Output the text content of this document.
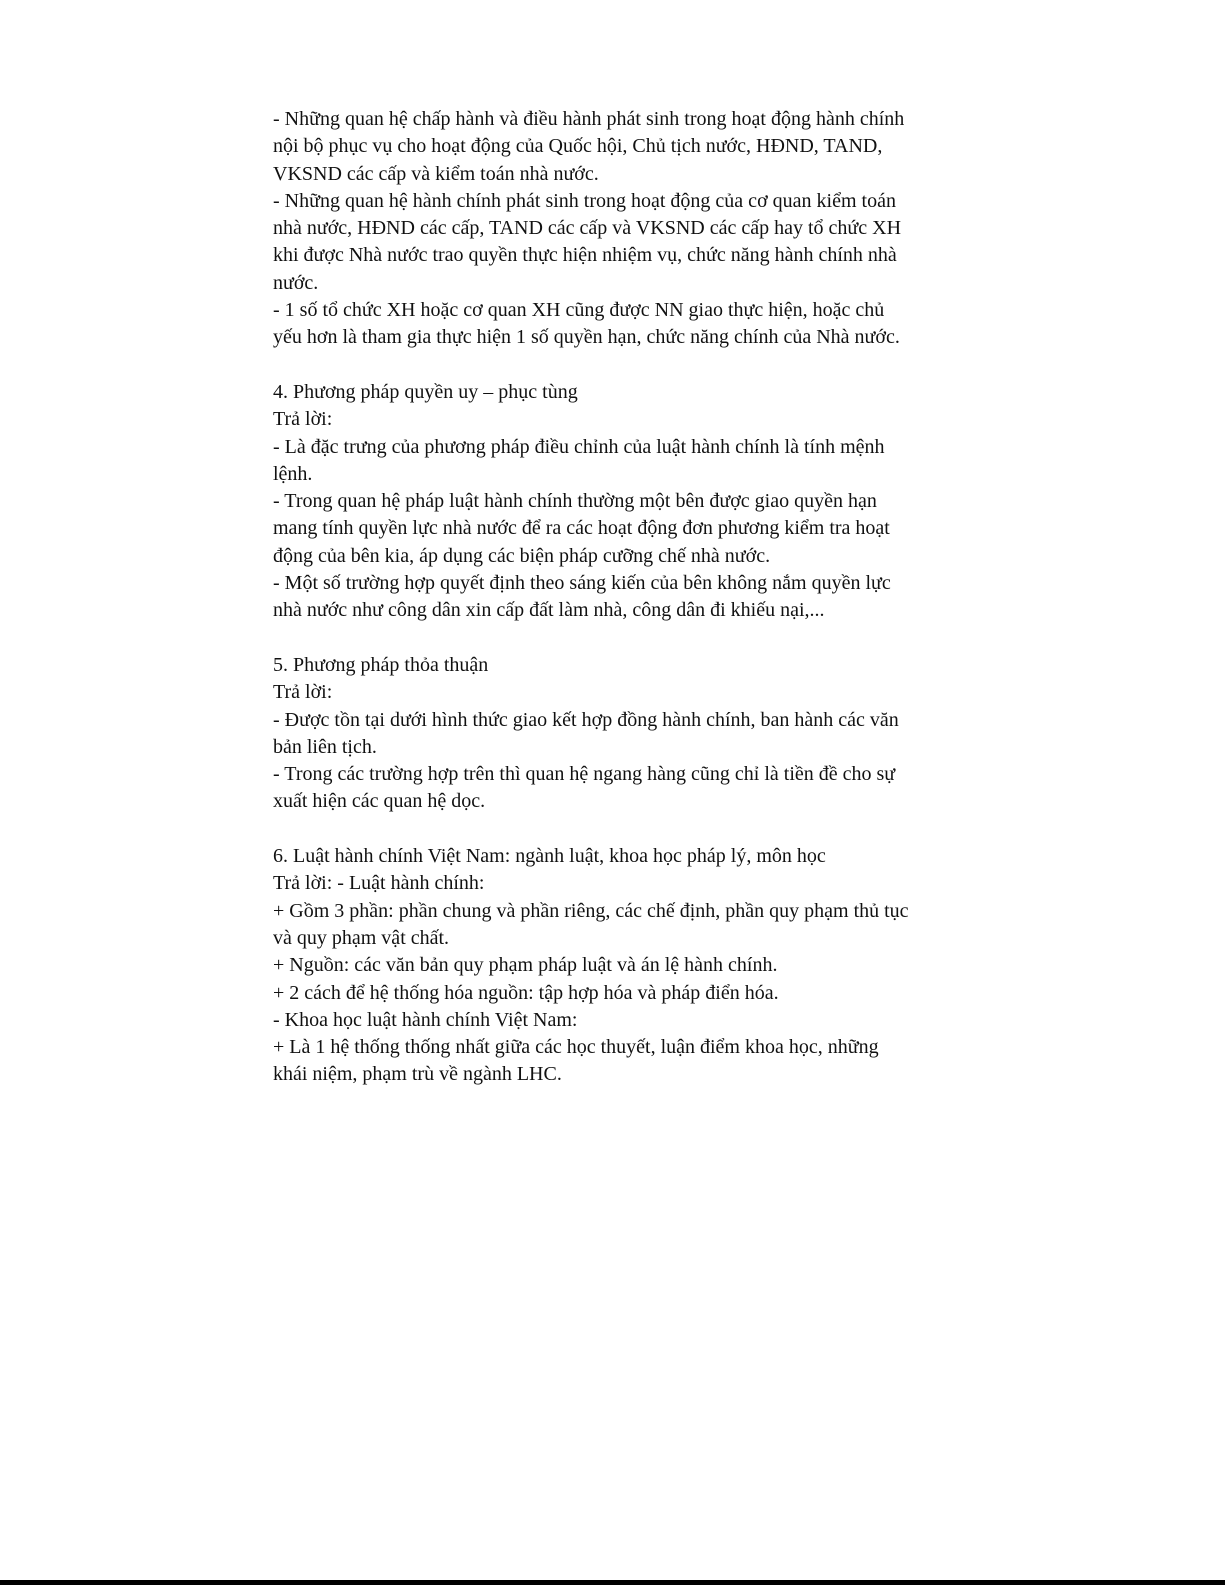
- Những quan hệ chấp hành và điều hành phát sinh trong hoạt động hành chính
nội bộ phục vụ cho hoạt động của Quốc hội, Chủ tịch nước, HĐND, TAND,
VKSND các cấp và kiểm toán nhà nước.
- Những quan hệ hành chính phát sinh trong hoạt động của cơ quan kiểm toán
nhà nước, HĐND các cấp, TAND các cấp và VKSND các cấp hay tổ chức XH
khi được Nhà nước trao quyền thực hiện nhiệm vụ, chức năng hành chính nhà
nước.
- 1 số tổ chức XH hoặc cơ quan XH cũng được NN giao thực hiện, hoặc chủ
yếu hơn là tham gia thực hiện 1 số quyền hạn, chức năng chính của Nhà nước.
4. Phương pháp quyền uy – phục tùng
Trả lời:
- Là đặc trưng của phương pháp điều chỉnh của luật hành chính là tính mệnh
lệnh.
- Trong quan hệ pháp luật hành chính thường một bên được giao quyền hạn
mang tính quyền lực nhà nước để ra các hoạt động đơn phương kiểm tra hoạt
động của bên kia, áp dụng các biện pháp cưỡng chế nhà nước.
- Một số trường hợp quyết định theo sáng kiến của bên không nắm quyền lực
nhà nước như công dân xin cấp đất làm nhà, công dân đi khiếu nại,...
5. Phương pháp thỏa thuận
Trả lời:
- Được tồn tại dưới hình thức giao kết hợp đồng hành chính, ban hành các văn
bản liên tịch.
- Trong các trường hợp trên thì quan hệ ngang hàng cũng chỉ là tiền đề cho sự
xuất hiện các quan hệ dọc.
6. Luật hành chính Việt Nam: ngành luật, khoa học pháp lý, môn học
Trả lời: - Luật hành chính:
+ Gồm 3 phần: phần chung và phần riêng, các chế định, phần quy phạm thủ tục
và quy phạm vật chất.
+ Nguồn: các văn bản quy phạm pháp luật và án lệ hành chính.
+ 2 cách để hệ thống hóa nguồn: tập hợp hóa và pháp điển hóa.
- Khoa học luật hành chính Việt Nam:
+ Là 1 hệ thống thống nhất giữa các học thuyết, luận điểm khoa học, những
khái niệm, phạm trù về ngành LHC.
